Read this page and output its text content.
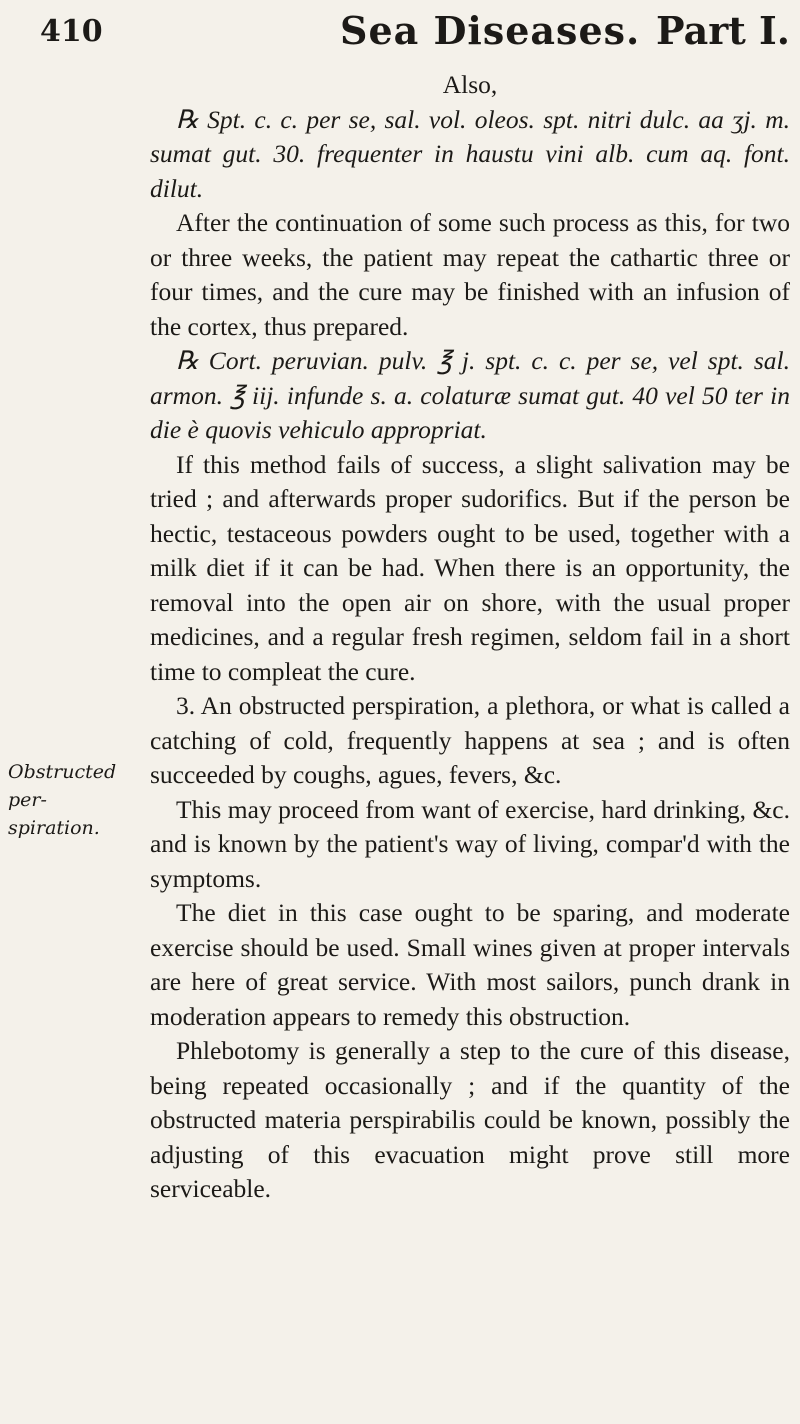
410	Sea Diseases. Part I.
Obstructed per-spiration.

Also,

℞ Spt. c. c. per se, sal. vol. oleos. spt. nitri dulc. aa ʒj. m. sumat gut. 30. frequenter in haustu vini alb. cum aq. font. dilut.

After the continuation of some such process as this, for two or three weeks, the patient may repeat the cathartic three or four times, and the cure may be finished with an infusion of the cortex, thus prepared.

℞ Cort. peruvian. pulv. ℥ j. spt. c. c. per se, vel spt. sal. armon. ℥ iij. infunde s. a. colaturæ sumat gut. 40 vel 50 ter in die è quovis vehiculo appropriat.

If this method fails of success, a slight salivation may be tried ; and afterwards proper sudorifics. But if the person be hectic, testaceous powders ought to be used, together with a milk diet if it can be had. When there is an opportunity, the removal into the open air on shore, with the usual proper medicines, and a regular fresh regimen, seldom fail in a short time to compleat the cure.

3. An obstructed perspiration, a plethora, or what is called a catching of cold, frequently happens at sea ; and is often succeeded by coughs, agues, fevers, &c.

This may proceed from want of exercise, hard drinking, &c. and is known by the patient's way of living, compar'd with the symptoms.

The diet in this case ought to be sparing, and moderate exercise should be used. Small wines given at proper intervals are here of great service. With most sailors, punch drank in moderation appears to remedy this obstruction.

Phlebotomy is generally a step to the cure of this disease, being repeated occasionally ; and if the quantity of the obstructed materia perspirabilis could be known, possibly the adjusting of this evacuation might prove still more serviceable.
